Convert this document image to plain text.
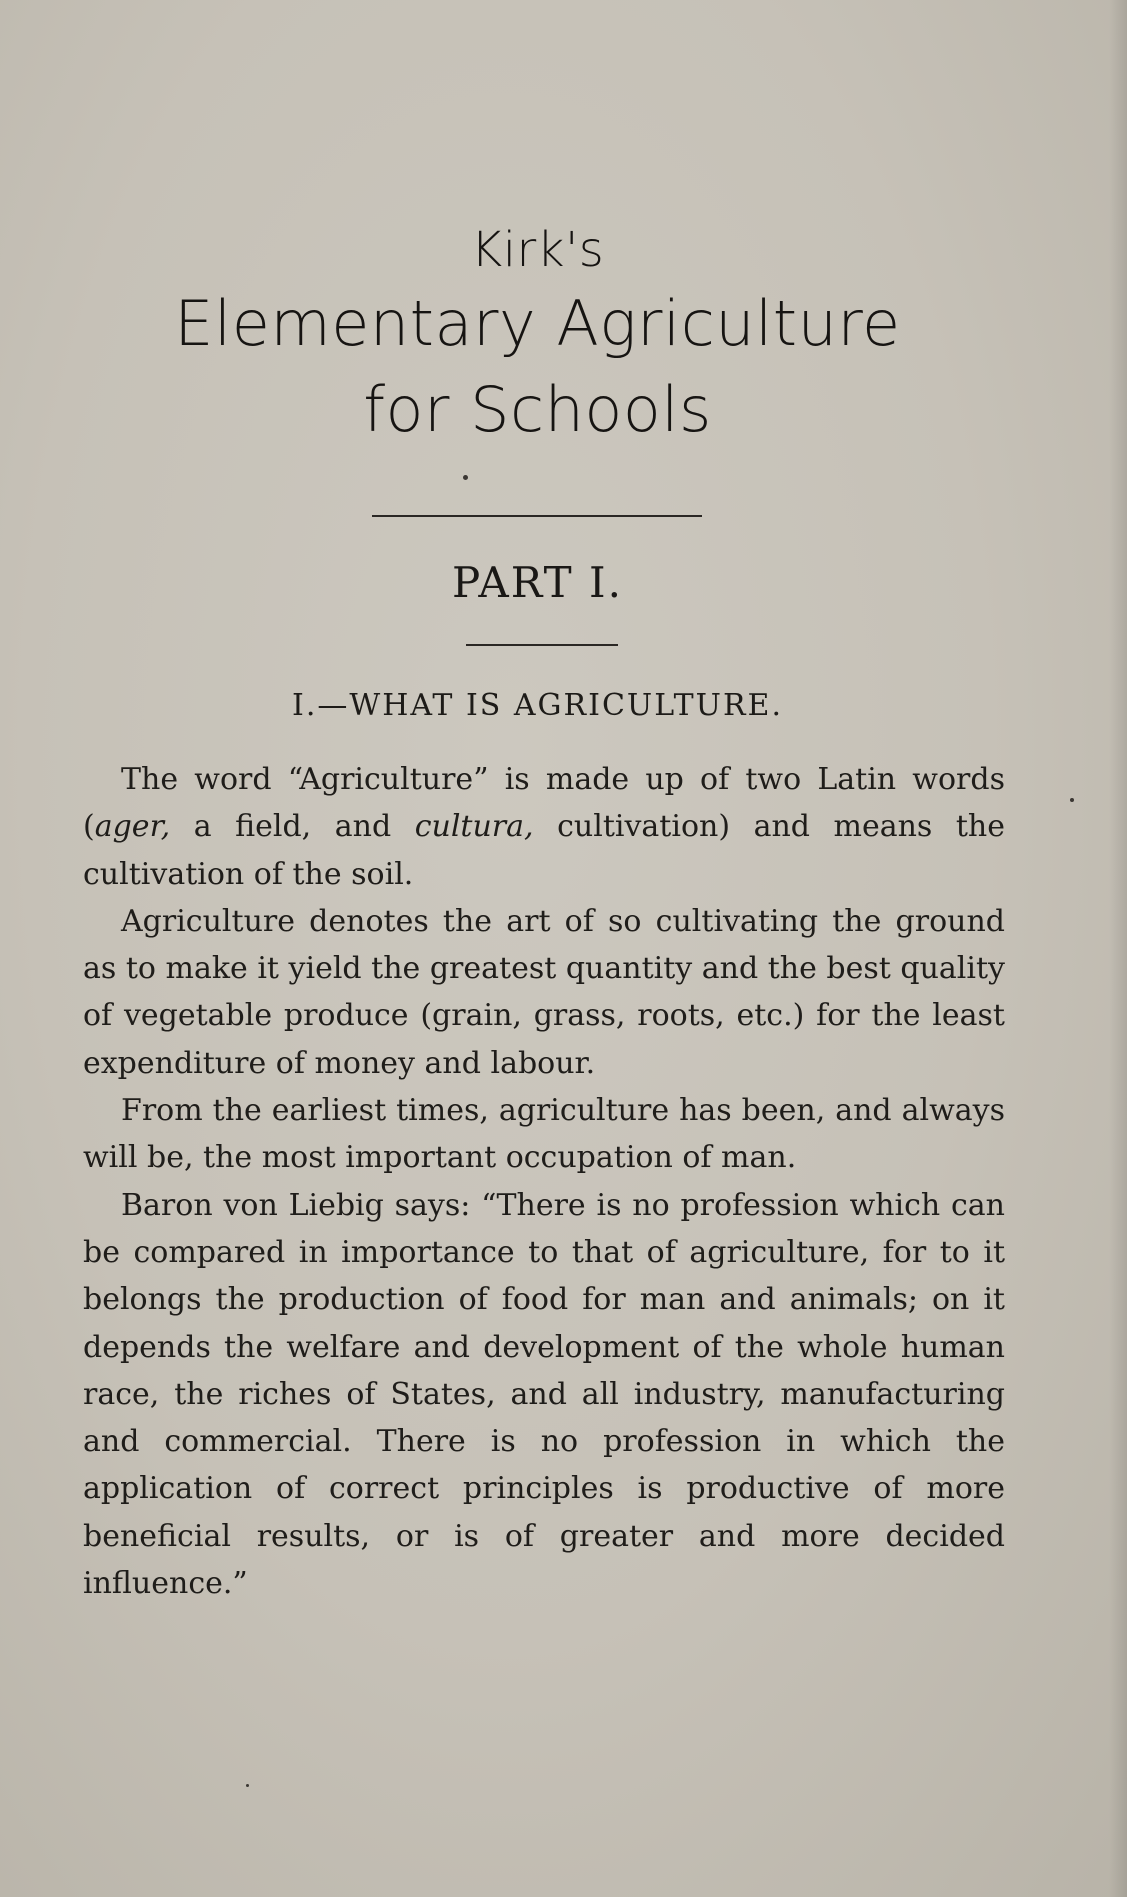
Kirk's
Elementary Agriculture
for Schools
PART I.
I.—WHAT IS AGRICULTURE.

The word “Agriculture” is made up of two Latin words (ager, a field, and cultura, cultivation) and means the cultivation of the soil.

Agriculture denotes the art of so cultivating the ground as to make it yield the greatest quantity and the best quality of vegetable produce (grain, grass, roots, etc.) for the least expenditure of money and labour.

From the earliest times, agriculture has been, and always will be, the most important occupation of man.

Baron von Liebig says: “There is no profession which can be compared in importance to that of agriculture, for to it belongs the production of food for man and animals; on it depends the welfare and development of the whole human race, the riches of States, and all industry, manufacturing and commercial. There is no profession in which the application of correct principles is productive of more beneficial results, or is of greater and more decided influence.”
